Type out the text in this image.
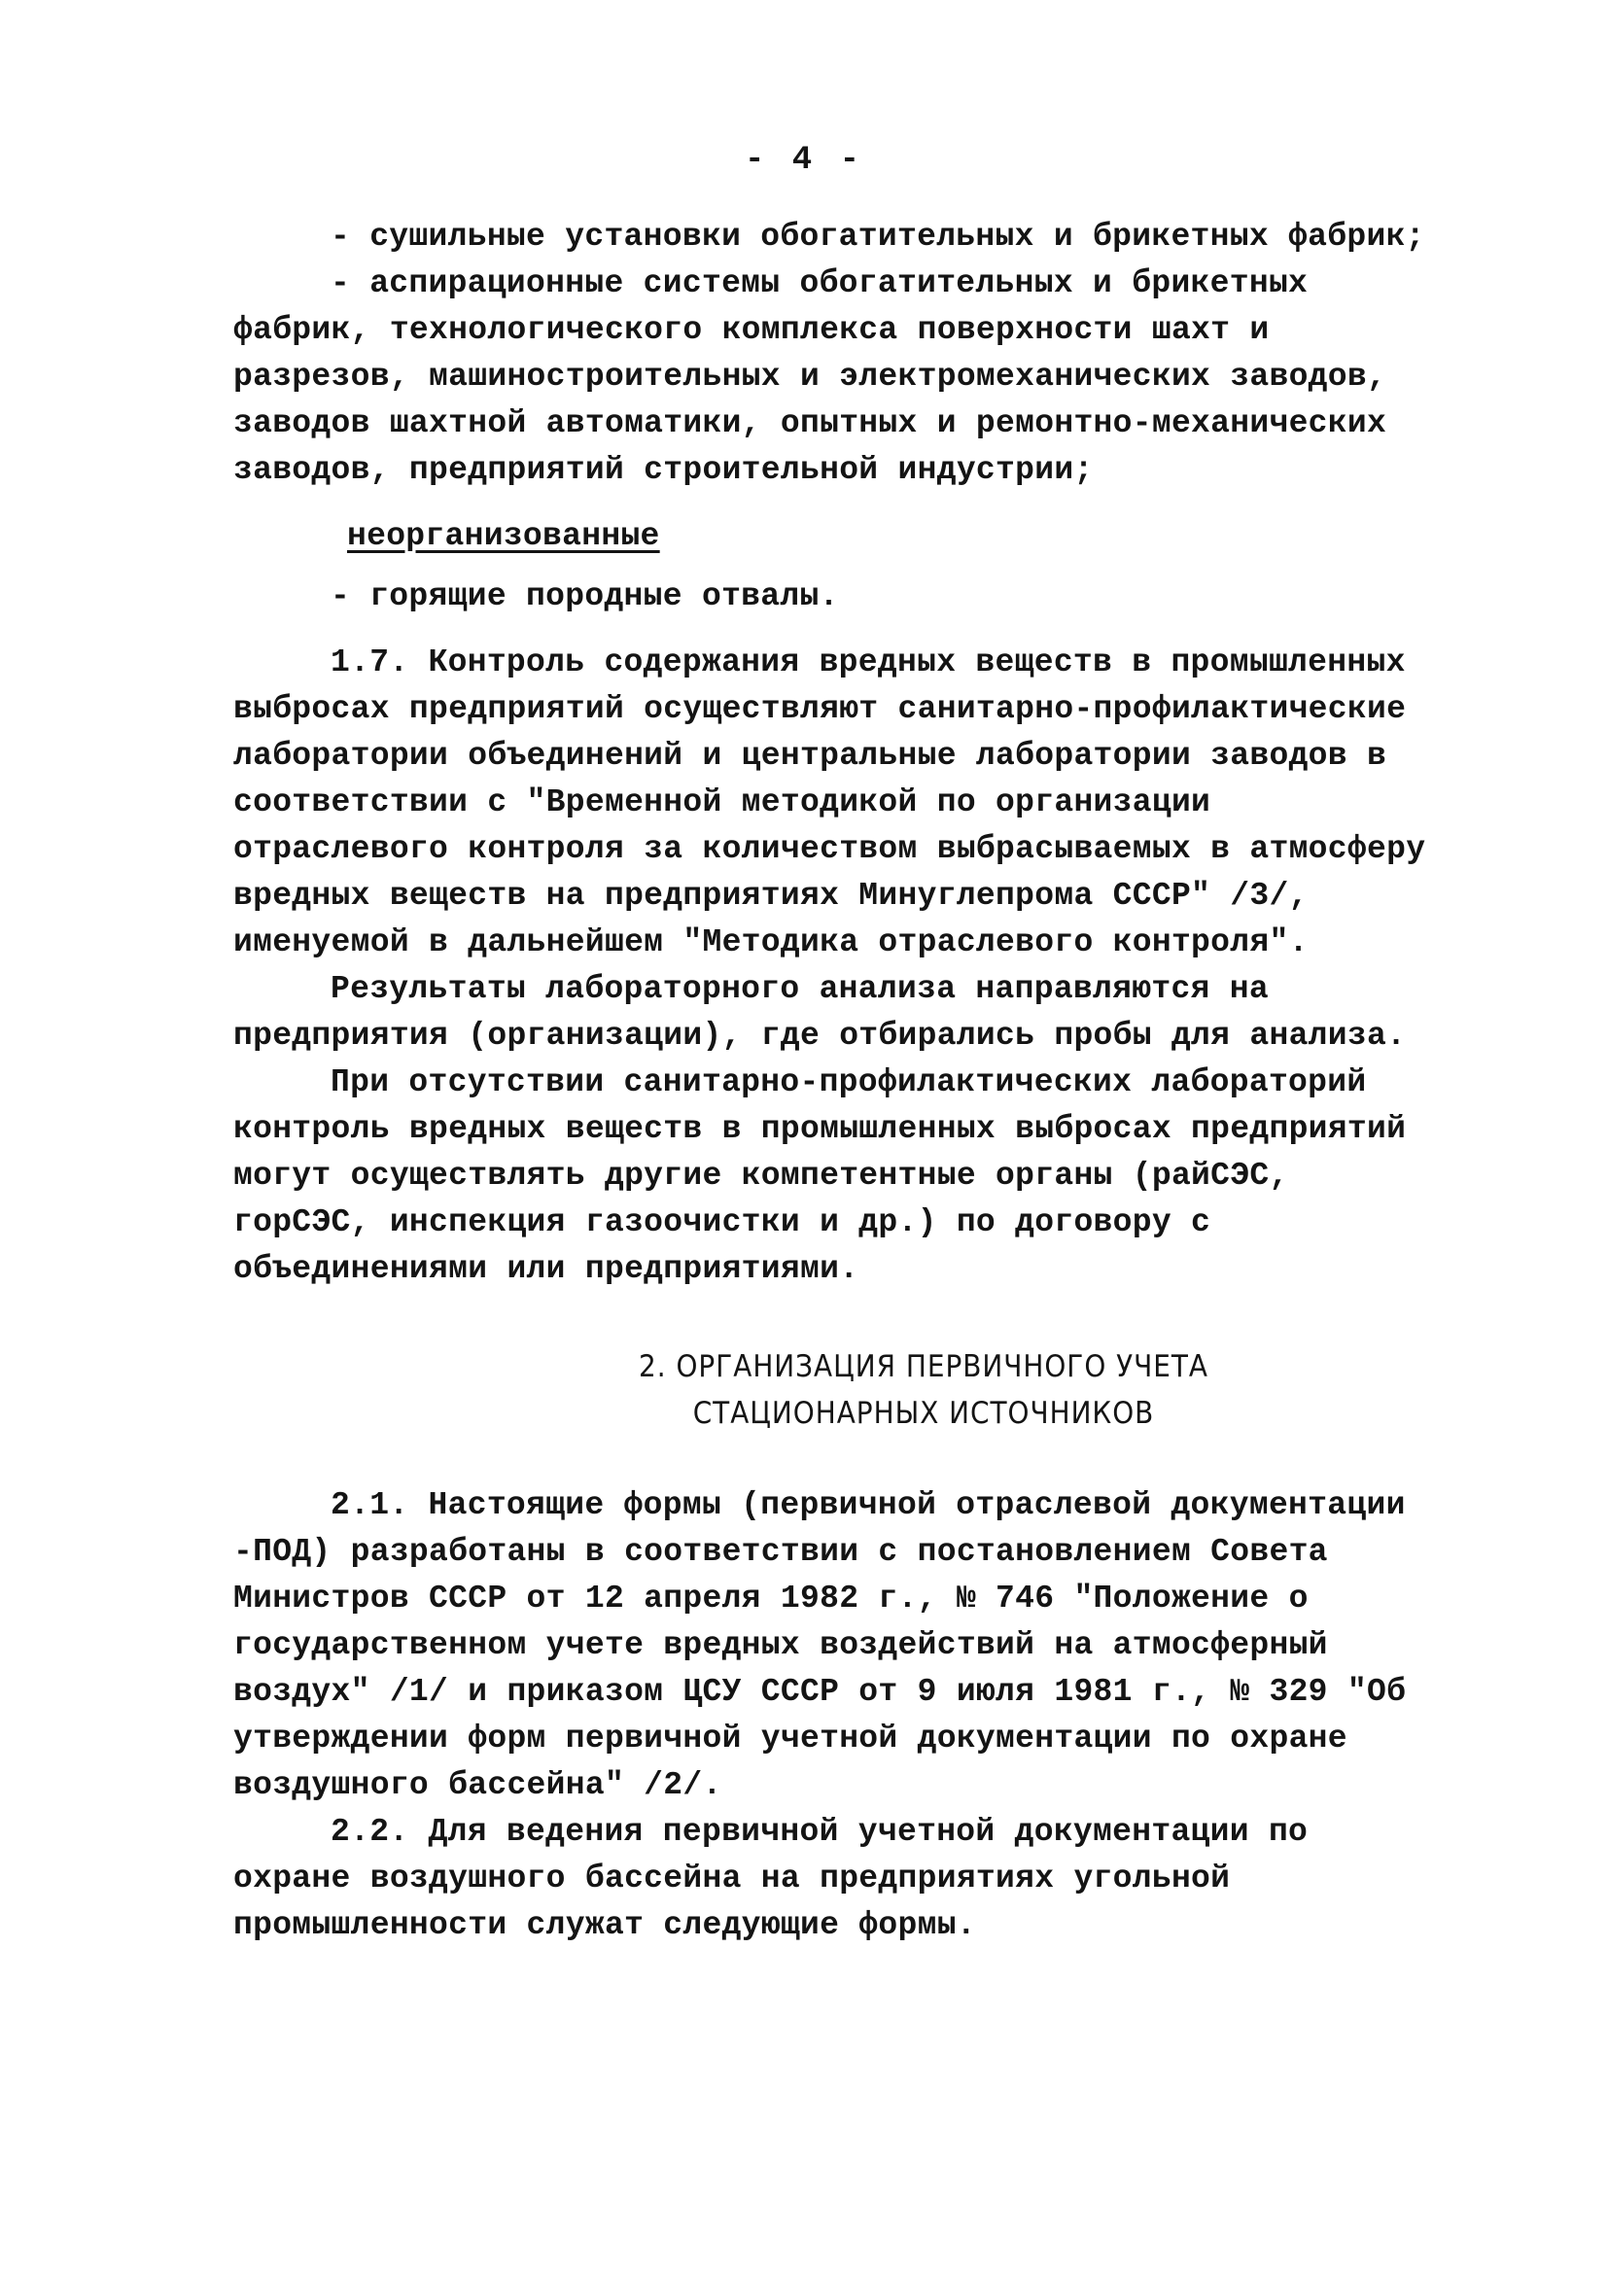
- 4 -

- сушильные установки обогатительных и брикетных фабрик;

- аспирационные системы обогатительных и брикетных фабрик, технологического комплекса поверхности шахт и разрезов, машиностроительных и электромеханических заводов, заводов шахтной автоматики, опытных и ремонтно-механических заводов, предприятий строительной индустрии;

неорганизованные

- горящие породные отвалы.

1.7. Контроль содержания вредных веществ в промышленных выбросах предприятий осуществляют санитарно-профилактические лаборатории объединений и центральные лаборатории заводов в соответствии с "Временной методикой по организации отраслевого контроля за количеством выбрасываемых в атмосферу вредных веществ на предприятиях Минуглепрома СССР" /3/, именуемой в дальнейшем "Методика отраслевого контроля".

Результаты лабораторного анализа направляются на предприятия (организации), где отбирались пробы для анализа.

При отсутствии санитарно-профилактических лабораторий контроль вредных веществ в промышленных выбросах предприятий могут осуществлять другие компетентные органы (райСЭС, горСЭС, инспекция газоочистки и др.) по договору с объединениями или предприятиями.

2. ОРГАНИЗАЦИЯ ПЕРВИЧНОГО УЧЕТА

СТАЦИОНАРНЫХ ИСТОЧНИКОВ

2.1. Настоящие формы (первичной отраслевой документации -ПОД) разработаны в соответствии с постановлением Совета Министров СССР от 12 апреля 1982 г., № 746 "Положение о государственном учете вредных воздействий на атмосферный воздух" /1/ и приказом ЦСУ СССР от 9 июля 1981 г., № 329 "Об утверждении форм первичной учетной документации по охране воздушного бассейна" /2/.

2.2. Для ведения первичной учетной документации по охране воздушного бассейна на предприятиях угольной промышленности служат следующие формы.
